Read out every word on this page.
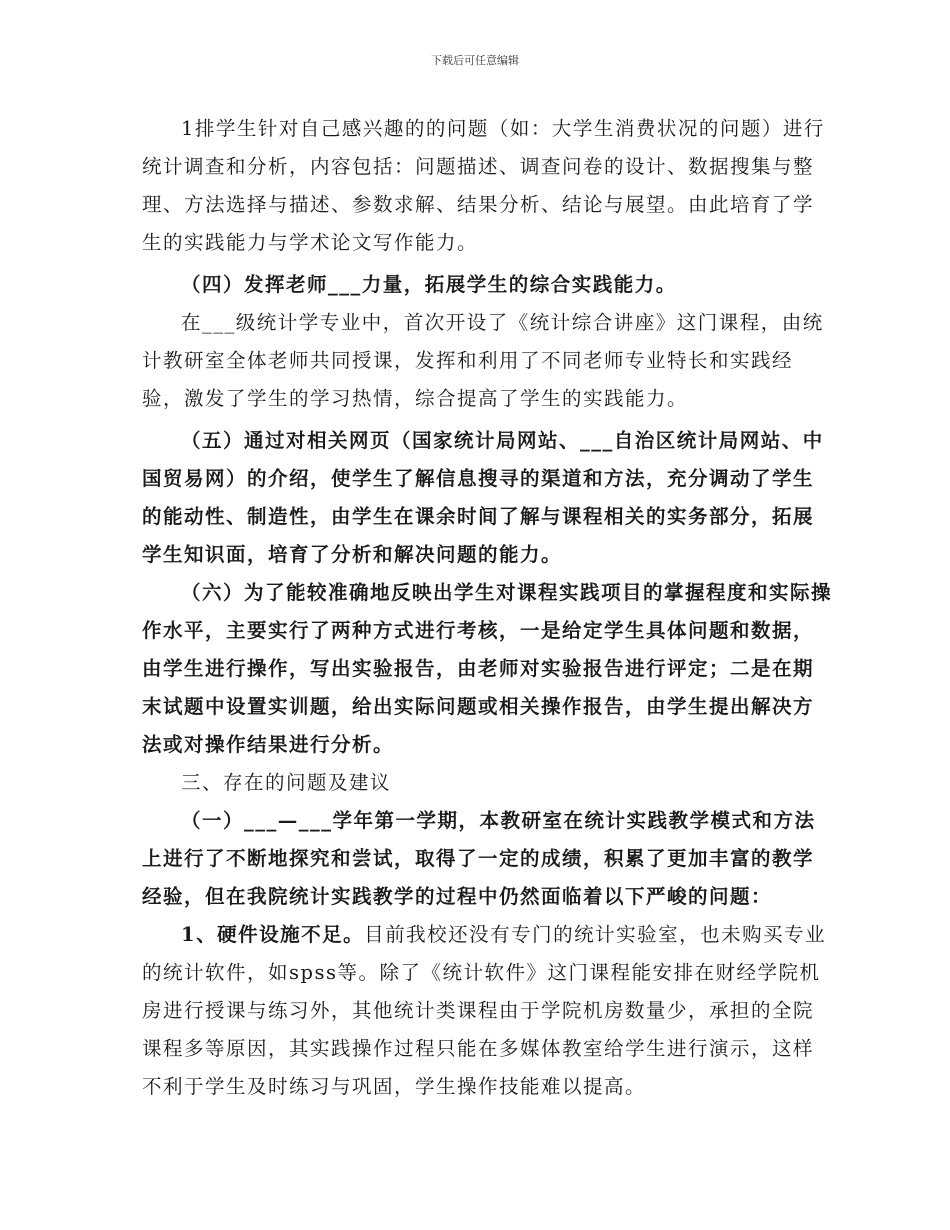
下载后可任意编辑

1排学生针对自己感兴趣的的问题（如：大学生消费状况的问题）进行统计调查和分析，内容包括：问题描述、调查问卷的设计、数据搜集与整理、方法选择与描述、参数求解、结果分析、结论与展望。由此培育了学生的实践能力与学术论文写作能力。

（四）发挥老师___力量，拓展学生的综合实践能力。

在___级统计学专业中，首次开设了《统计综合讲座》这门课程，由统计教研室全体老师共同授课，发挥和利用了不同老师专业特长和实践经验，激发了学生的学习热情，综合提高了学生的实践能力。

（五）通过对相关网页（国家统计局网站、___自治区统计局网站、中国贸易网）的介绍，使学生了解信息搜寻的渠道和方法，充分调动了学生的能动性、制造性，由学生在课余时间了解与课程相关的实务部分，拓展学生知识面，培育了分析和解决问题的能力。

（六）为了能较准确地反映出学生对课程实践项目的掌握程度和实际操作水平，主要实行了两种方式进行考核，一是给定学生具体问题和数据，由学生进行操作，写出实验报告，由老师对实验报告进行评定；二是在期末试题中设置实训题，给出实际问题或相关操作报告，由学生提出解决方法或对操作结果进行分析。

三、存在的问题及建议

（一）___—___学年第一学期，本教研室在统计实践教学模式和方法上进行了不断地探究和尝试，取得了一定的成绩，积累了更加丰富的教学经验，但在我院统计实践教学的过程中仍然面临着以下严峻的问题：

1、硬件设施不足。目前我校还没有专门的统计实验室，也未购买专业的统计软件，如spss等。除了《统计软件》这门课程能安排在财经学院机房进行授课与练习外，其他统计类课程由于学院机房数量少，承担的全院课程多等原因，其实践操作过程只能在多媒体教室给学生进行演示，这样不利于学生及时练习与巩固，学生操作技能难以提高。
